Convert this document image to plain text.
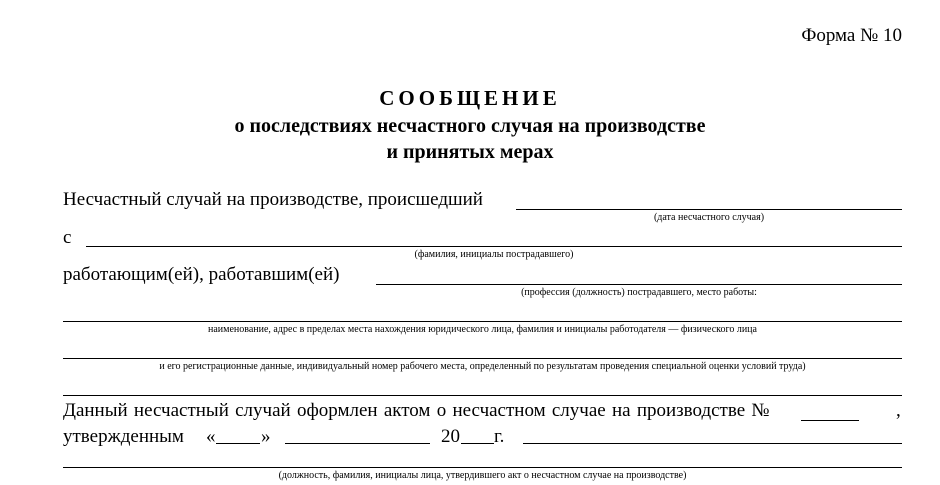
Форма № 10
СООБЩЕНИЕ
о последствиях несчастного случая на производстве
и принятых мерах
Несчастный случай на производстве, происшедший
(дата несчастного случая)
с
(фамилия, инициалы пострадавшего)
работающим(ей), работавшим(ей)
(профессия (должность) пострадавшего, место работы:
наименование, адрес в пределах места нахождения юридического лица, фамилия и инициалы работодателя — физического лица
и его регистрационные данные, индивидуальный номер рабочего места, определенный по результатам проведения специальной оценки условий труда)
Данный несчастный случай оформлен актом о несчастном случае на производстве №	,
утвержденным « »	20 г.
(должность, фамилия, инициалы лица, утвердившего акт о несчастном случае на производстве)
